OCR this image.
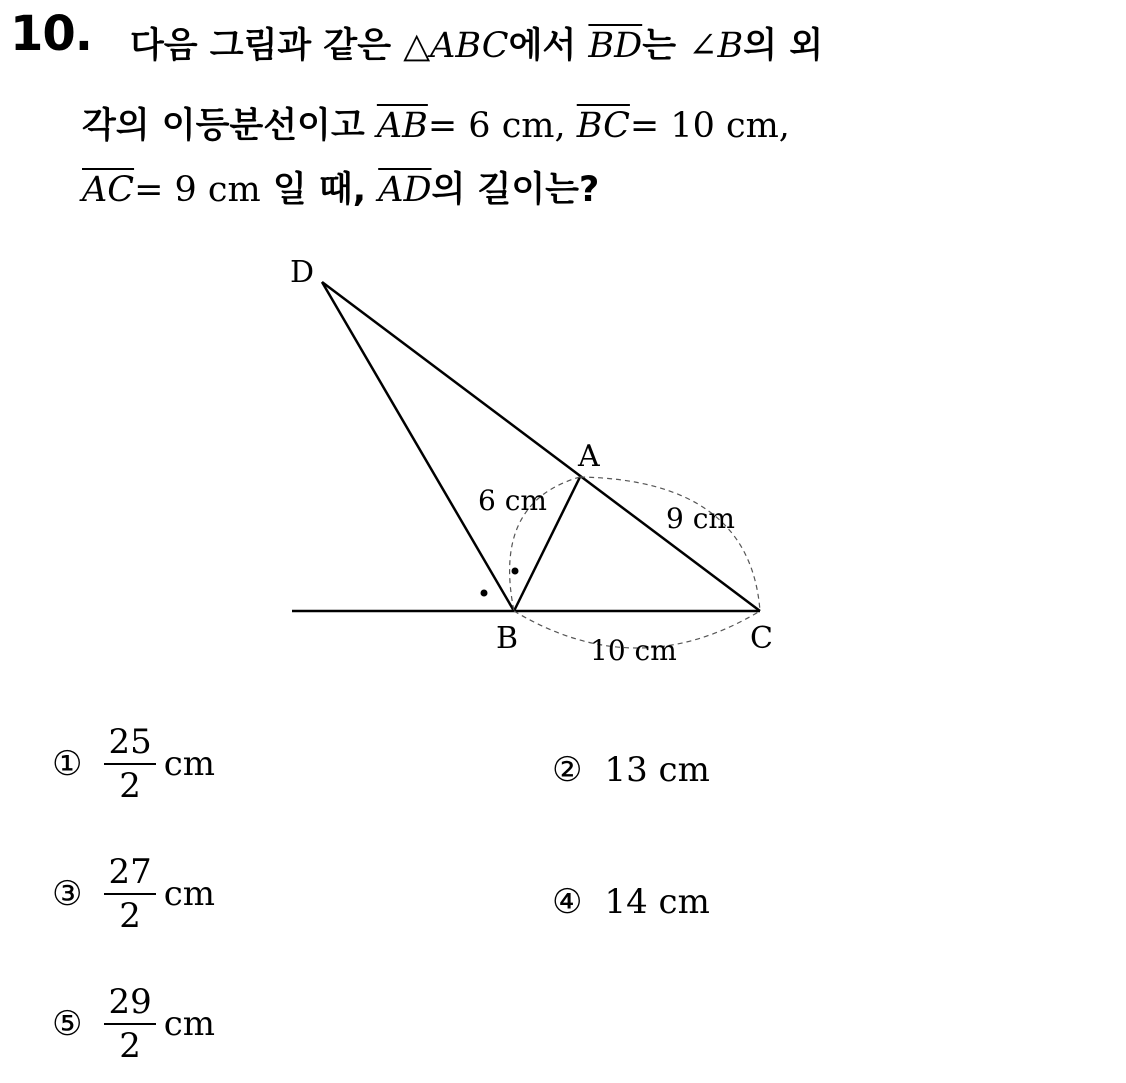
10. 다음 그림과 같은 △ABC에서 $\overline{BD}$는 ∠B의 외
각의 이등분선이고 $\overline{AB}= 6$ cm, $\overline{BC}= 10$ cm,
$\overline{AC}= 9$ cm 일 때, $\overline{AD}$의 길이는?
D
A
B	C
6 cm
9 cm
10 cm
① $\frac{25}{2}$ cm	② 13 cm
③ $\frac{27}{2}$ cm	④ 14 cm
⑤ $\frac{29}{2}$ cm
